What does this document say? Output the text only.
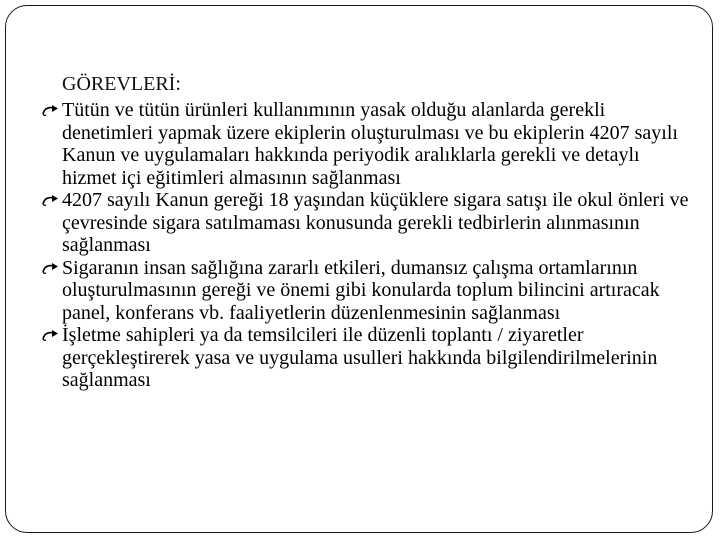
GÖREVLERİ:
Tütün ve tütün ürünleri kullanımının yasak olduğu alanlarda gerekli denetimleri yapmak üzere ekiplerin oluşturulması ve bu ekiplerin 4207 sayılı Kanun ve uygulamaları hakkında periyodik aralıklarla gerekli ve detaylı hizmet içi eğitimleri almasının sağlanması
4207 sayılı Kanun gereği 18 yaşından küçüklere sigara satışı ile okul önleri ve çevresinde sigara satılmaması konusunda gerekli tedbirlerin alınmasının sağlanması
Sigaranın insan sağlığına zararlı etkileri, dumansız çalışma ortamlarının oluşturulmasının gereği ve önemi gibi konularda toplum bilincini artıracak panel, konferans vb. faaliyetlerin düzenlenmesinin sağlanması
İşletme sahipleri ya da temsilcileri ile düzenli toplantı / ziyaretler gerçekleştirerek yasa ve uygulama usulleri hakkında bilgilendirilmelerinin sağlanması
